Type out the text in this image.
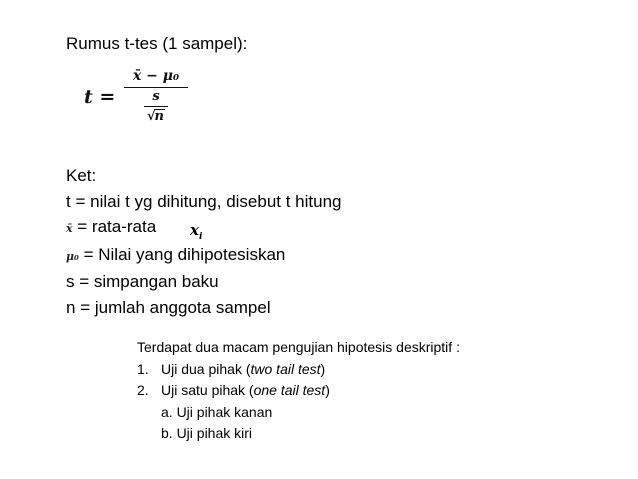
Rumus t-tes (1 sampel):
t =
x̄ − μ₀
s
√n
Ket:
t = nilai t yg dihitung, disebut t hitung
x̄ = rata-rata
μ₀ = Nilai yang dihipotesiskan
s = simpangan baku
n = jumlah anggota sampel
$x_i$
Terdapat dua macam pengujian hipotesis deskriptif :
1. Uji dua pihak (two tail test)
2. Uji satu pihak (one tail test)
a. Uji pihak kanan
b. Uji pihak kiri
